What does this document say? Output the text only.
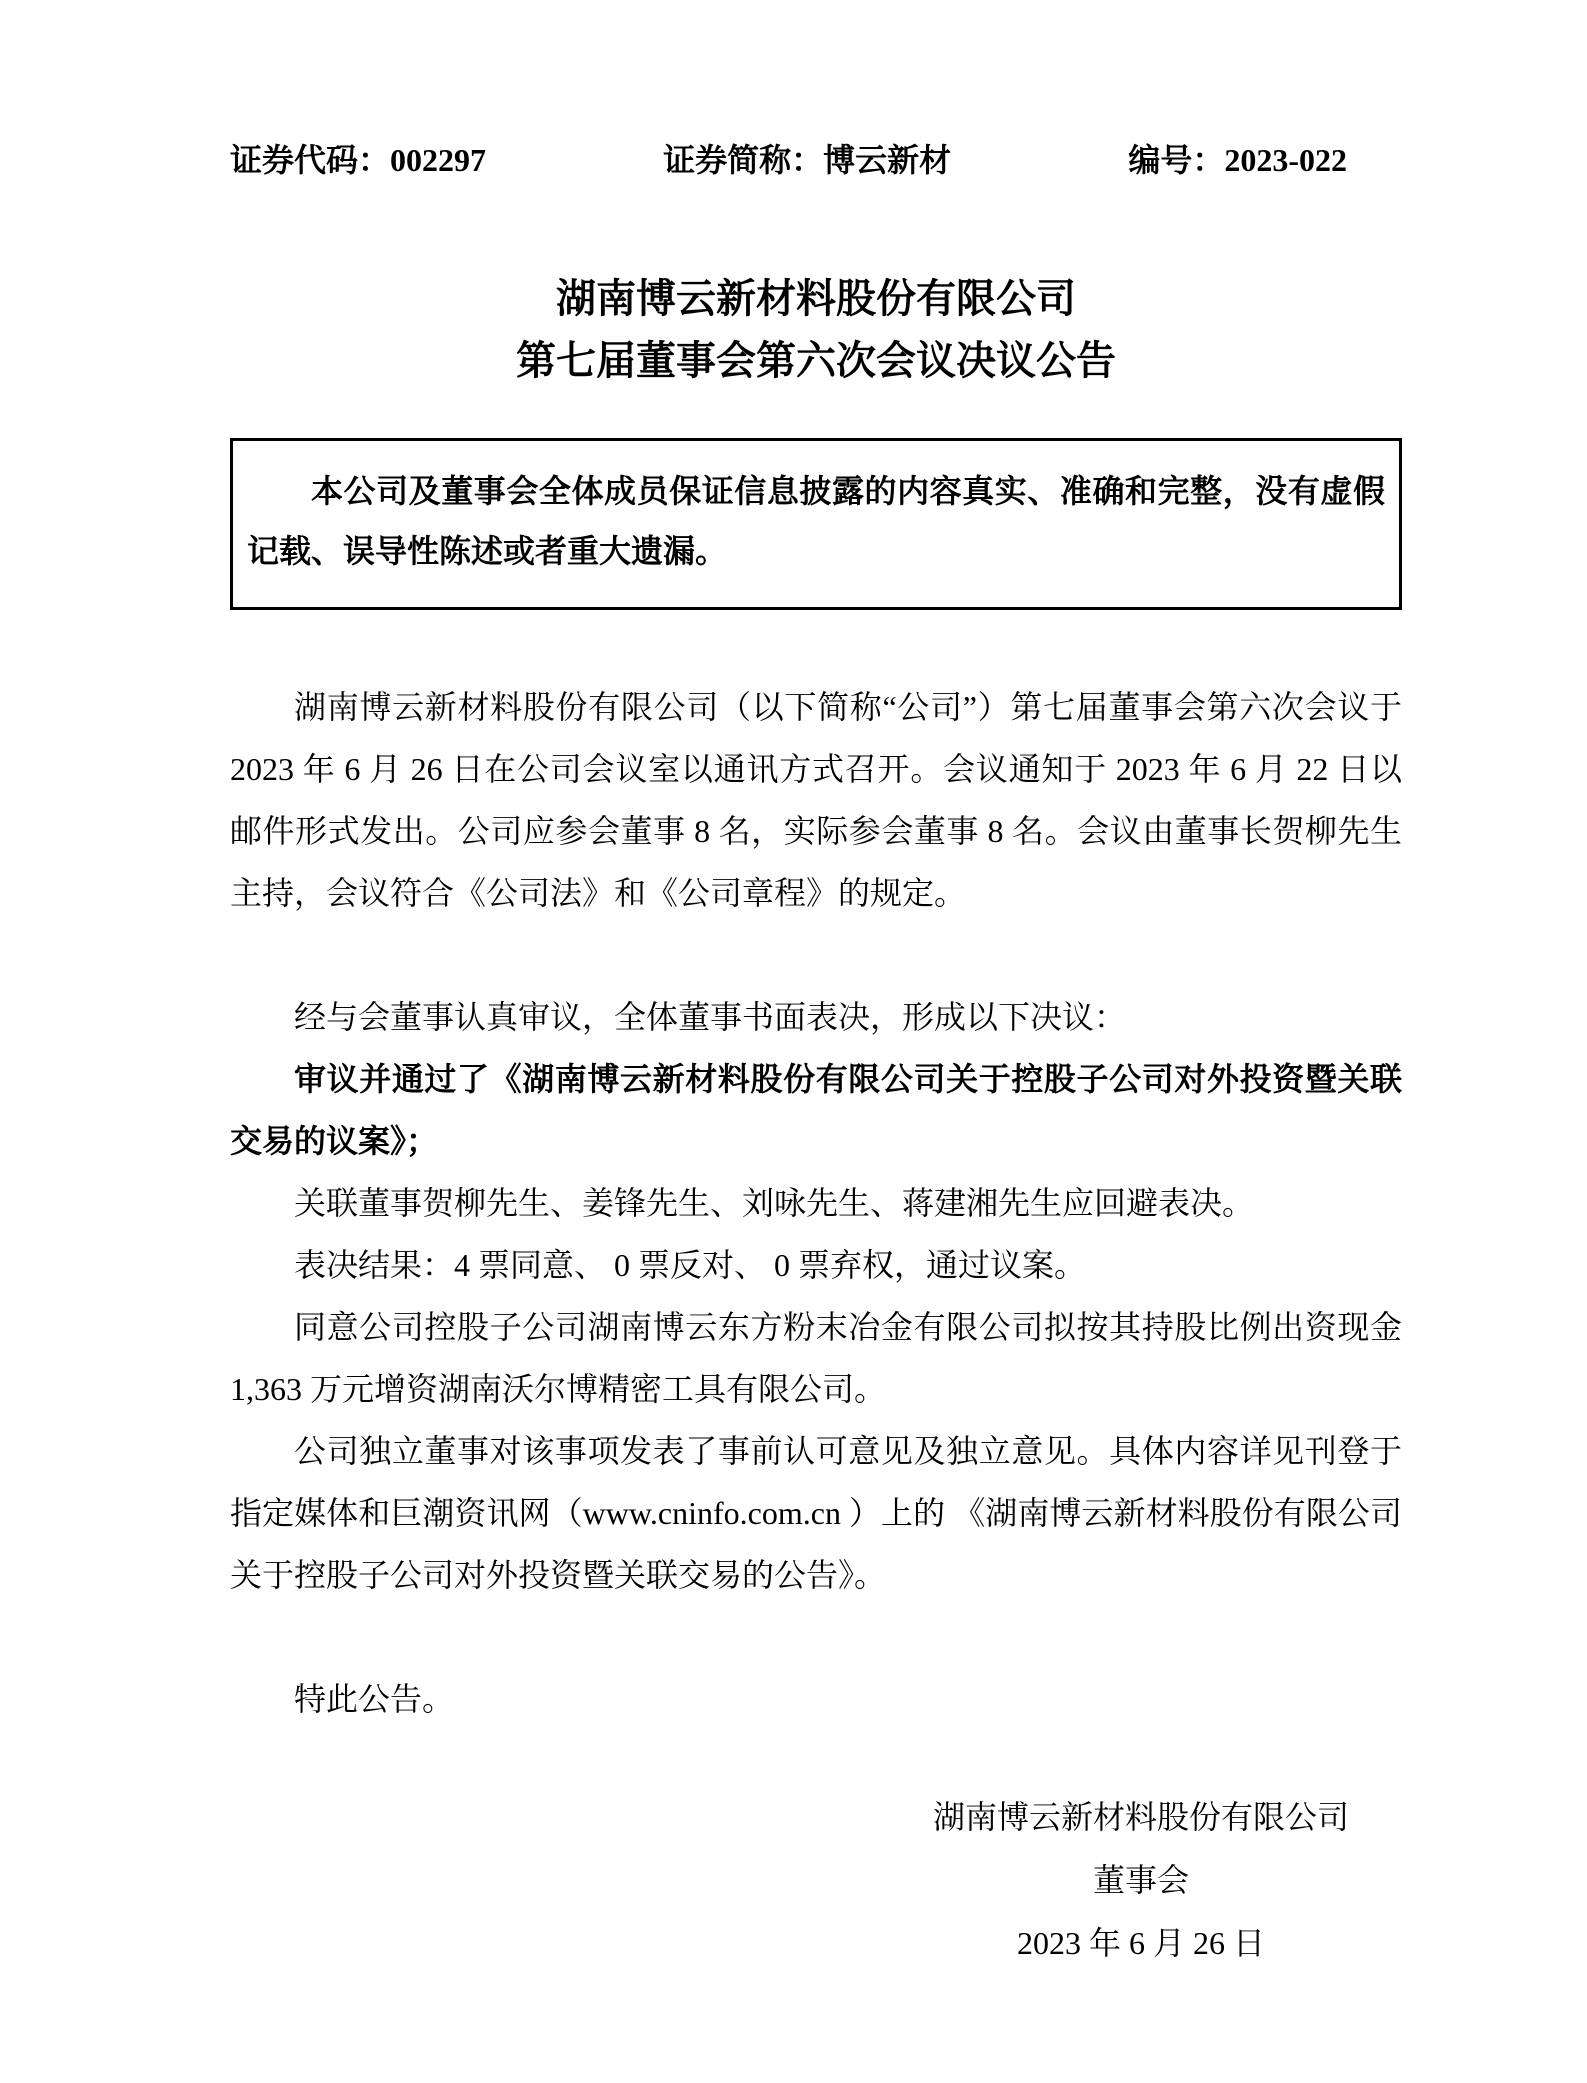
证券代码：002297	证券简称：博云新材	编号：2023-022
湖南博云新材料股份有限公司
第七届董事会第六次会议决议公告

本公司及董事会全体成员保证信息披露的内容真实、准确和完整，没有虚假记载、误导性陈述或者重大遗漏。

湖南博云新材料股份有限公司（以下简称“公司”）第七届董事会第六次会议于 2023 年 6 月 26 日在公司会议室以通讯方式召开。会议通知于 2023 年 6 月 22 日以邮件形式发出。公司应参会董事 8 名，实际参会董事 8 名。会议由董事长贺柳先生主持，会议符合《公司法》和《公司章程》的规定。

经与会董事认真审议，全体董事书面表决，形成以下决议：

审议并通过了《湖南博云新材料股份有限公司关于控股子公司对外投资暨关联交易的议案》；

关联董事贺柳先生、姜锋先生、刘咏先生、蒋建湘先生应回避表决。

表决结果：4 票同意、 0 票反对、 0 票弃权，通过议案。

同意公司控股子公司湖南博云东方粉末冶金有限公司拟按其持股比例出资现金 1,363 万元增资湖南沃尔博精密工具有限公司。

公司独立董事对该事项发表了事前认可意见及独立意见。具体内容详见刊登于指定媒体和巨潮资讯网（www.cninfo.com.cn ）上的 《湖南博云新材料股份有限公司关于控股子公司对外投资暨关联交易的公告》。

特此公告。

湖南博云新材料股份有限公司
董事会
2023 年 6 月 26 日
